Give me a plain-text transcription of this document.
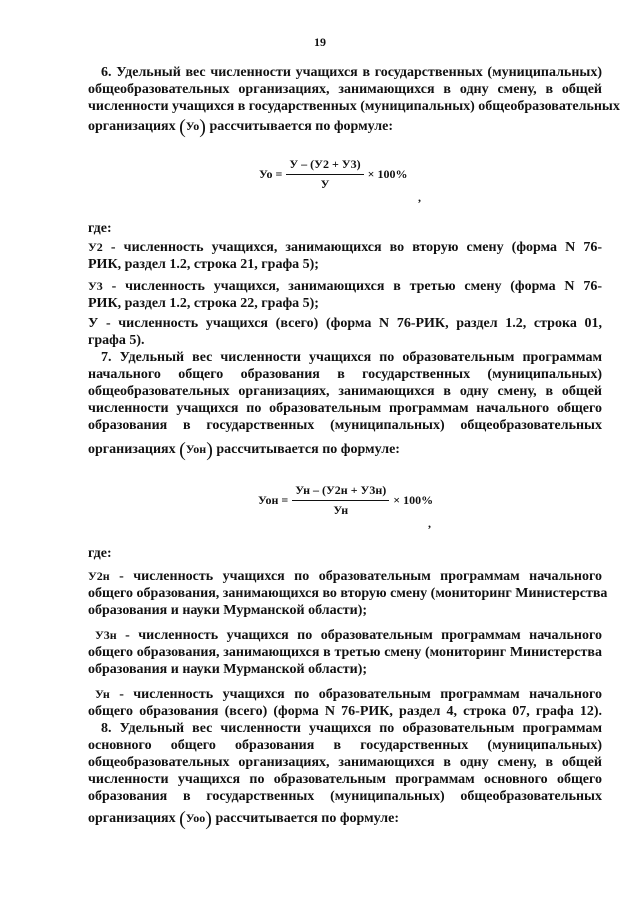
19
6. Удельный вес численности учащихся в государственных (муниципальных)
общеобразовательных организациях, занимающихся в одну смену, в общей
численности учащихся в государственных (муниципальных) общеобразовательных
организациях (Уо) рассчитывается по формуле:
Уо = $\frac{У - (У2 + У3)}{У} \times 100\%$
,
где:
У2 - численность учащихся, занимающихся во вторую смену (форма N 76-
РИК, раздел 1.2, строка 21, графа 5);
У3 - численность учащихся, занимающихся в третью смену (форма N 76-
РИК, раздел 1.2, строка 22, графа 5);
У - численность учащихся (всего) (форма N 76-РИК, раздел 1.2, строка 01,
графа 5).
7. Удельный вес численности учащихся по образовательным программам
начального общего образования в государственных (муниципальных)
общеобразовательных организациях, занимающихся в одну смену, в общей
численности учащихся по образовательным программам начального общего
образования в государственных (муниципальных) общеобразовательных
организациях (Уон) рассчитывается по формуле:
Уон = $\frac{Ун - (У2н + У3н)}{Ун} \times 100\%$
,
где:
У2н - численность учащихся по образовательным программам начального
общего образования, занимающихся во вторую смену (мониторинг Министерства
образования и науки Мурманской области);
У3н - численность учащихся по образовательным программам начального
общего образования, занимающихся в третью смену (мониторинг Министерства
образования и науки Мурманской области);
Ун - численность учащихся по образовательным программам начального
общего образования (всего) (форма N 76-РИК, раздел 4, строка 07, графа 12).
8. Удельный вес численности учащихся по образовательным программам
основного общего образования в государственных (муниципальных)
общеобразовательных организациях, занимающихся в одну смену, в общей
численности учащихся по образовательным программам основного общего
образования в государственных (муниципальных) общеобразовательных
организациях (Уоо) рассчитывается по формуле:
